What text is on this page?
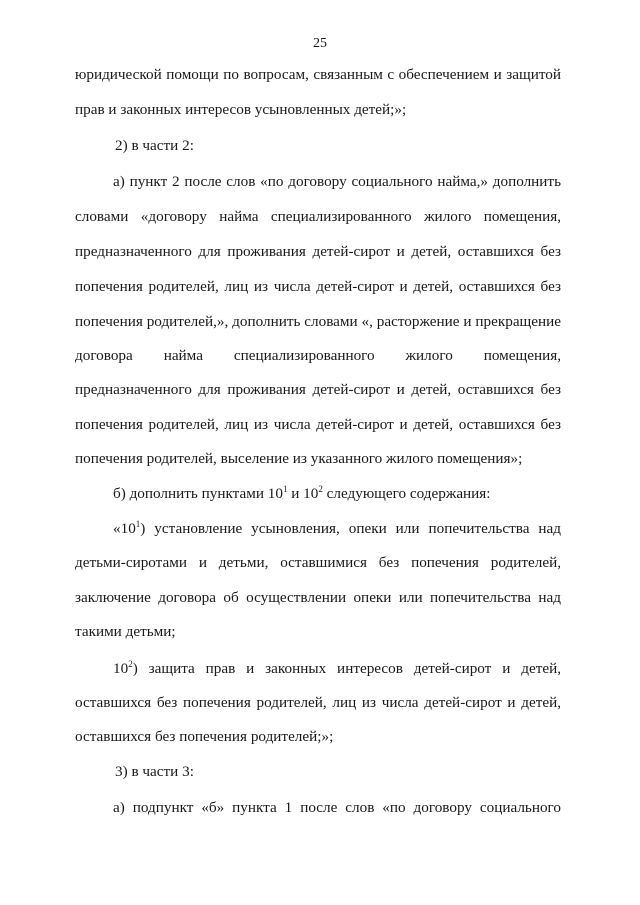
25
юридической помощи по вопросам, связанным с обеспечением и защитой
прав и законных интересов усыновленных детей;»;
2) в части 2:
а) пункт 2 после слов «по договору социального найма,» дополнить
словами «договору найма специализированного жилого помещения,
предназначенного для проживания детей-сирот и детей, оставшихся без
попечения родителей, лиц из числа детей-сирот и детей, оставшихся без
попечения родителей,», дополнить словами «, расторжение и прекращение
договора найма специализированного жилого помещения,
предназначенного для проживания детей-сирот и детей, оставшихся без
попечения родителей, лиц из числа детей-сирот и детей, оставшихся без
попечения родителей, выселение из указанного жилого помещения»;
б) дополнить пунктами $10^1$ и $10^2$ следующего содержания:
«$10^1$) установление усыновления, опеки или попечительства над
детьми-сиротами и детьми, оставшимися без попечения родителей,
заключение договора об осуществлении опеки или попечительства над
такими детьми;
$10^2$) защита прав и законных интересов детей-сирот и детей,
оставшихся без попечения родителей, лиц из числа детей-сирот и детей,
оставшихся без попечения родителей;»;
3) в части 3:
а) подпункт «б» пункта 1 после слов «по договору социального
